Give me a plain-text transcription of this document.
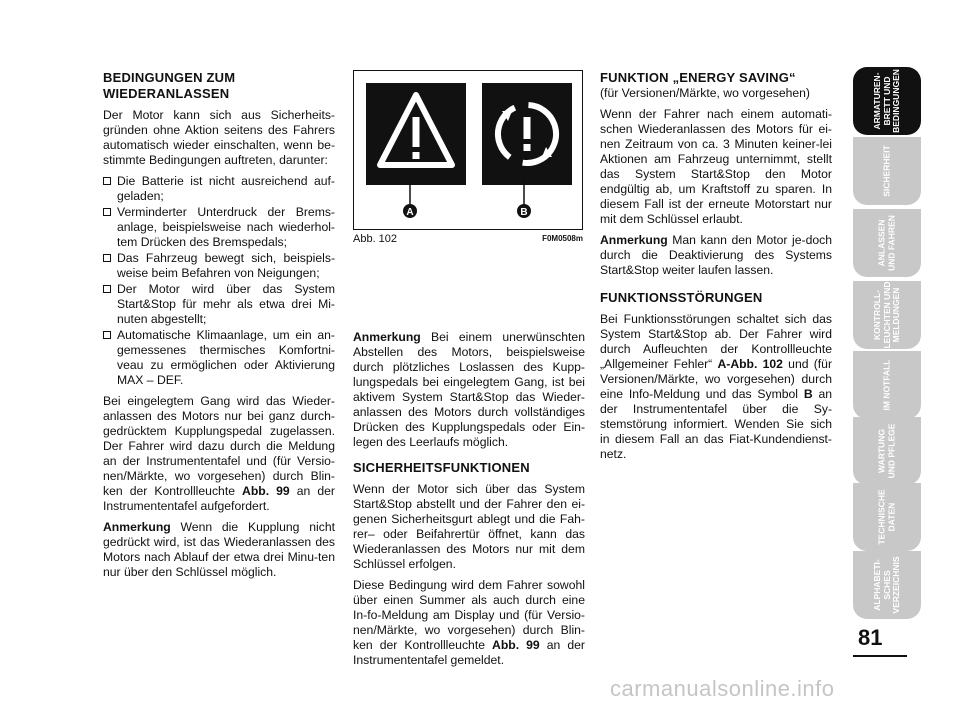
BEDINGUNGEN ZUM WIEDERANLASSEN

Der Motor kann sich aus Sicherheits-gründen ohne Aktion seitens des Fahrers automatisch wieder einschalten, wenn be-stimmte Bedingungen auftreten, darunter:

Die Batterie ist nicht ausreichend auf-geladen;
Verminderter Unterdruck der Brems-anlage, beispielsweise nach wiederhol-tem Drücken des Bremspedals;
Das Fahrzeug bewegt sich, beispiels-weise beim Befahren von Neigungen;
Der Motor wird über das System Start&Stop für mehr als etwa drei Mi-nuten abgestellt;
Automatische Klimaanlage, um ein an-gemessenes thermisches Komfortni-veau zu ermöglichen oder Aktivierung MAX – DEF.

Bei eingelegtem Gang wird das Wieder-anlassen des Motors nur bei ganz durch-gedrücktem Kupplungspedal zugelassen. Der Fahrer wird dazu durch die Meldung an der Instrumententafel und (für Versio-nen/Märkte, wo vorgesehen) durch Blin-ken der Kontrollleuchte Abb. 99 an der Instrumententafel aufgefordert.

Anmerkung Wenn die Kupplung nicht gedrückt wird, ist das Wiederanlassen des Motors nach Ablauf der etwa drei Minu-ten nur über den Schlüssel möglich.

A	B
Abb. 102	F0M0508m

Anmerkung Bei einem unerwünschten Abstellen des Motors, beispielsweise durch plötzliches Loslassen des Kupp-lungspedals bei eingelegtem Gang, ist bei aktivem System Start&Stop das Wieder-anlassen des Motors durch vollständiges Drücken des Kupplungspedals oder Ein-legen des Leerlaufs möglich.

SICHERHEITSFUNKTIONEN

Wenn der Motor sich über das System Start&Stop abstellt und der Fahrer den ei-genen Sicherheitsgurt ablegt und die Fah-rer– oder Beifahrertür öffnet, kann das Wiederanlassen des Motors nur mit dem Schlüssel erfolgen.

Diese Bedingung wird dem Fahrer sowohl über einen Summer als auch durch eine In-fo-Meldung am Display und (für Versio-nen/Märkte, wo vorgesehen) durch Blin-ken der Kontrollleuchte Abb. 99 an der Instrumententafel gemeldet.

FUNKTION „ENERGY SAVING“

(für Versionen/Märkte, wo vorgesehen)

Wenn der Fahrer nach einem automati-schen Wiederanlassen des Motors für ei-nen Zeitraum von ca. 3 Minuten keiner-lei Aktionen am Fahrzeug unternimmt, stellt das System Start&Stop den Motor endgültig ab, um Kraftstoff zu sparen. In diesem Fall ist der erneute Motorstart nur mit dem Schlüssel erlaubt.

Anmerkung Man kann den Motor je-doch durch die Deaktivierung des Systems Start&Stop weiter laufen lassen.

FUNKTIONSSTÖRUNGEN

Bei Funktionsstörungen schaltet sich das System Start&Stop ab. Der Fahrer wird durch Aufleuchten der Kontrollleuchte „Allgemeiner Fehler“ A-Abb. 102 und (für Versionen/Märkte, wo vorgesehen) durch eine Info-Meldung und das Symbol B an der Instrumententafel über die Sy-stemstörung informiert. Wenden Sie sich in diesem Fall an das Fiat-Kundendienst-netz.

ARMATUREN-
BRETT UND
BEDINGUNGEN
SICHERHEIT
ANLASSEN
UND FAHREN
KONTROLL-
LEUCHTEN UND
MELDUNGEN
IM NOTFALL
WARTUNG
UND PFLEGE
TECHNISCHE
DATEN
ALPHABETI-
SCHES
VERZEICHNIS
81
carmanualsonline.info
